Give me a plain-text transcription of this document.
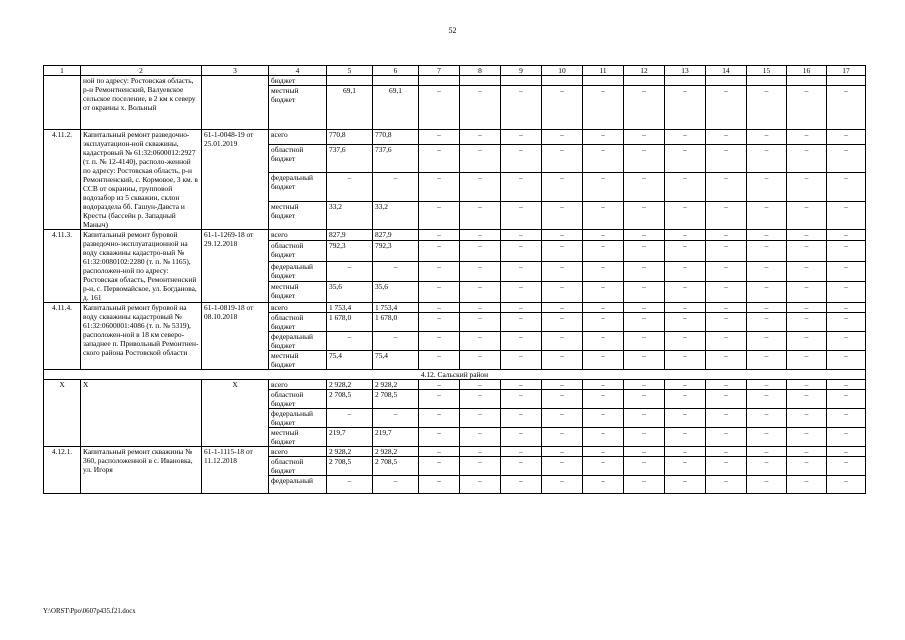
52
1	2	3	4	5	6	7	8	9	10	11	12	13	14	15	16	17
	ной по адресу: Ростовская область, р-н Ремонтненский, Валуевское сельское поселение, в 2 км к северу от окраины х. Вольный		бюджет													
			местный бюджет	69,1	69,1	–	–	–	–	–	–	–	–	–	–	–
4.11.2.	Капитальный ремонт разведочно-эксплуатацион-ной скважины, кадастровый № 61:32:0600012:2927 (т. п. № 12-4140), располо-женной по адресу: Ростовская область, р-н Ремонтненский, с. Кормовое, 3 км. в ССВ от окраины, групповой водозабор из 5 скважин, склон водораздела бб. Гашун-Давста и Кресты (бассейн р. Западный Маныч)	61-1-0048-19 от 25.01.2019	всего	770,8	770,8	–	–	–	–	–	–	–	–	–	–	–
			областной бюджет	737,6	737,6	–	–	–	–	–	–	–	–	–	–	–
			федеральный бюджет	–	–	–	–	–	–	–	–	–	–	–	–	–
			местный бюджет	33,2	33,2	–	–	–	–	–	–	–	–	–	–	–
4.11.3.	Капитальный ремонт буровой разведочно-эксплуатационной на воду скважины кадастро-вый № 61:32:0080102:2280 (т. п. № 1165), расположен-ной по адресу: Ростовская область, Ремонтненский р-н, с. Первомайское, ул. Богданова, д. 161	61-1-1269-18 от 29.12.2018	всего	827,9	827,9	–	–	–	–	–	–	–	–	–	–	–
			областной бюджет	792,3	792,3	–	–	–	–	–	–	–	–	–	–	–
			федеральный бюджет	–	–	–	–	–	–	–	–	–	–	–	–	–
			местный бюджет	35,6	35,6	–	–	–	–	–	–	–	–	–	–	–
4.11.4.	Капитальный ремонт буровой на воду скважины кадастровый № 61:32:0600001:4086 (т. п. № 5319), расположен-ной в 18 км северо-западнее п. Привольный Ремонтнен-ского района Ростовской области	61-1-0819-18 от 08.10.2018	всего	1 753,4	1 753,4	–	–	–	–	–	–	–	–	–	–	–
			областной бюджет	1 678,0	1 678,0	–	–	–	–	–	–	–	–	–	–	–
			федеральный бюджет	–	–	–	–	–	–	–	–	–	–	–	–	–
			местный бюджет	75,4	75,4	–	–	–	–	–	–	–	–	–	–	–
4.12. Сальский район																
Х	Х	Х	всего	2 928,2	2 928,2	–	–	–	–	–	–	–	–	–	–	–
			областной бюджет	2 708,5	2 708,5	–	–	–	–	–	–	–	–	–	–	–
			федеральный бюджет	–	–	–	–	–	–	–	–	–	–	–	–	–
			местный бюджет	219,7	219,7	–	–	–	–	–	–	–	–	–	–	–
4.12.1.	Капитальный ремонт скважины № 360, расположенной в с. Ивановка, ул. Игоря	61-1-1115-18 от 11.12.2018	всего	2 928,2	2 928,2	–	–	–	–	–	–	–	–	–	–	–
			областной бюджет	2 708,5	2 708,5	–	–	–	–	–	–	–	–	–	–	–
			федеральный	–	–	–	–	–	–	–	–	–	–	–	–	–
Y:\ORST\Ppo\0607p435.f21.docx
